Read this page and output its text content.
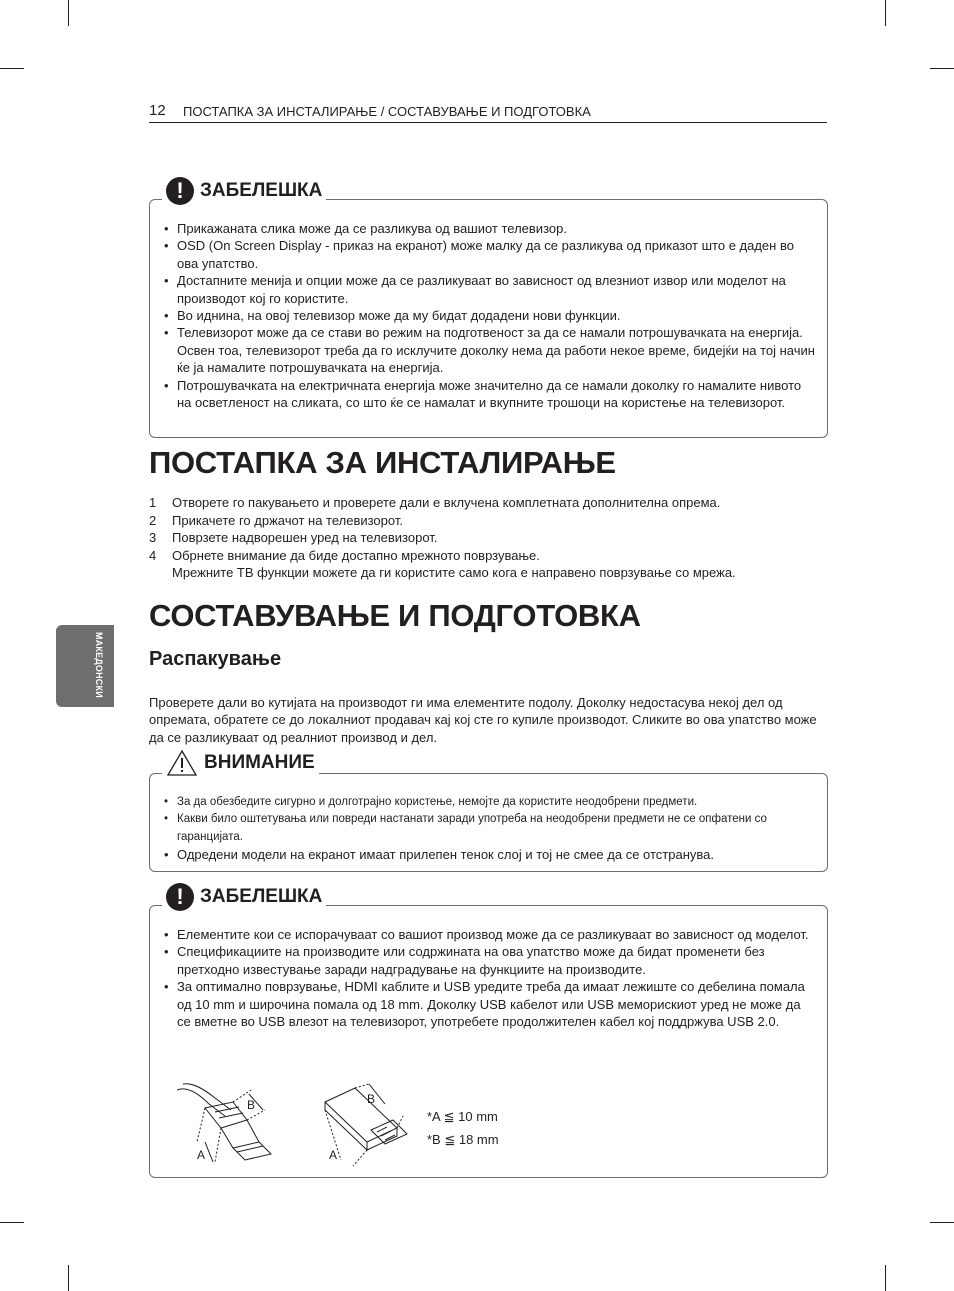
12 ПОСТАПКА ЗА ИНСТАЛИРАЊЕ / СОСТАВУВАЊЕ И ПОДГОТОВКА
МАКЕДОНСКИ
! ЗАБЕЛЕШКА
• Прикажаната слика може да се разликува од вашиот телевизор.
• OSD (On Screen Display - приказ на екранот) може малку да се разликува од приказот што е даден во ова упатство.
• Достапните менија и опции може да се разликуваат во зависност од влезниот извор или моделот на производот кој го користите.
• Во иднина, на овој телевизор може да му бидат додадени нови функции.
• Телевизорот може да се стави во режим на подготвеност за да се намали потрошувачката на енергија. Освен тоа, телевизорот треба да го исклучите доколку нема да работи некое време, бидејќи на тој начин ќе ја намалите потрошувачката на енергија.
• Потрошувачката на електричната енергија може значително да се намали доколку го намалите нивото на осветленост на сликата, со што ќе се намалат и вкупните трошоци на користење на телевизорот.
ПОСТАПКА ЗА ИНСТАЛИРАЊЕ
1 Отворете го пакувањето и проверете дали е вклучена комплетната дополнителна опрема.
2 Прикачете го држачот на телевизорот.
3 Поврзете надворешен уред на телевизорот.
4 Обрнете внимание да биде достапно мрежното поврзување.
Мрежните ТВ функции можете да ги користите само кога е направено поврзување со мрежа.
СОСТАВУВАЊЕ И ПОДГОТОВКА
Распакување

Проверете дали во кутијата на производот ги има елементите подолу. Доколку недостасува некој дел од опремата, обратете се до локалниот продавач кај кој сте го купиле производот. Сликите во ова упатство може да се разликуваат од реалниот производ и дел.

ВНИМАНИЕ
• За да обезбедите сигурно и долготрајно користење, немојте да користите неодобрени предмети.
• Какви било оштетувања или повреди настанати заради употреба на неодобрени предмети не се опфатени со гаранцијата.
• Одредени модели на екранот имаат прилепен тенок слој и тој не смее да се отстранува.
! ЗАБЕЛЕШКА
• Елементите кои се испорачуваат со вашиот производ може да се разликуваат во зависност од моделот.
• Спецификациите на производите или содржината на ова упатство може да бидат променети без претходно известување заради надградување на функциите на производите.
• За оптимално поврзување, HDMI каблите и USB уредите треба да имаат лежиште со дебелина помала од 10 mm и широчина помала од 18 mm. Доколку USB кабелот или USB меморискиот уред не може да се вметне во USB влезот на телевизорот, употребете продолжителен кабел кој поддржува USB 2.0.
B
A
B
A
*A ≦ 10 mm
*B ≦ 18 mm
